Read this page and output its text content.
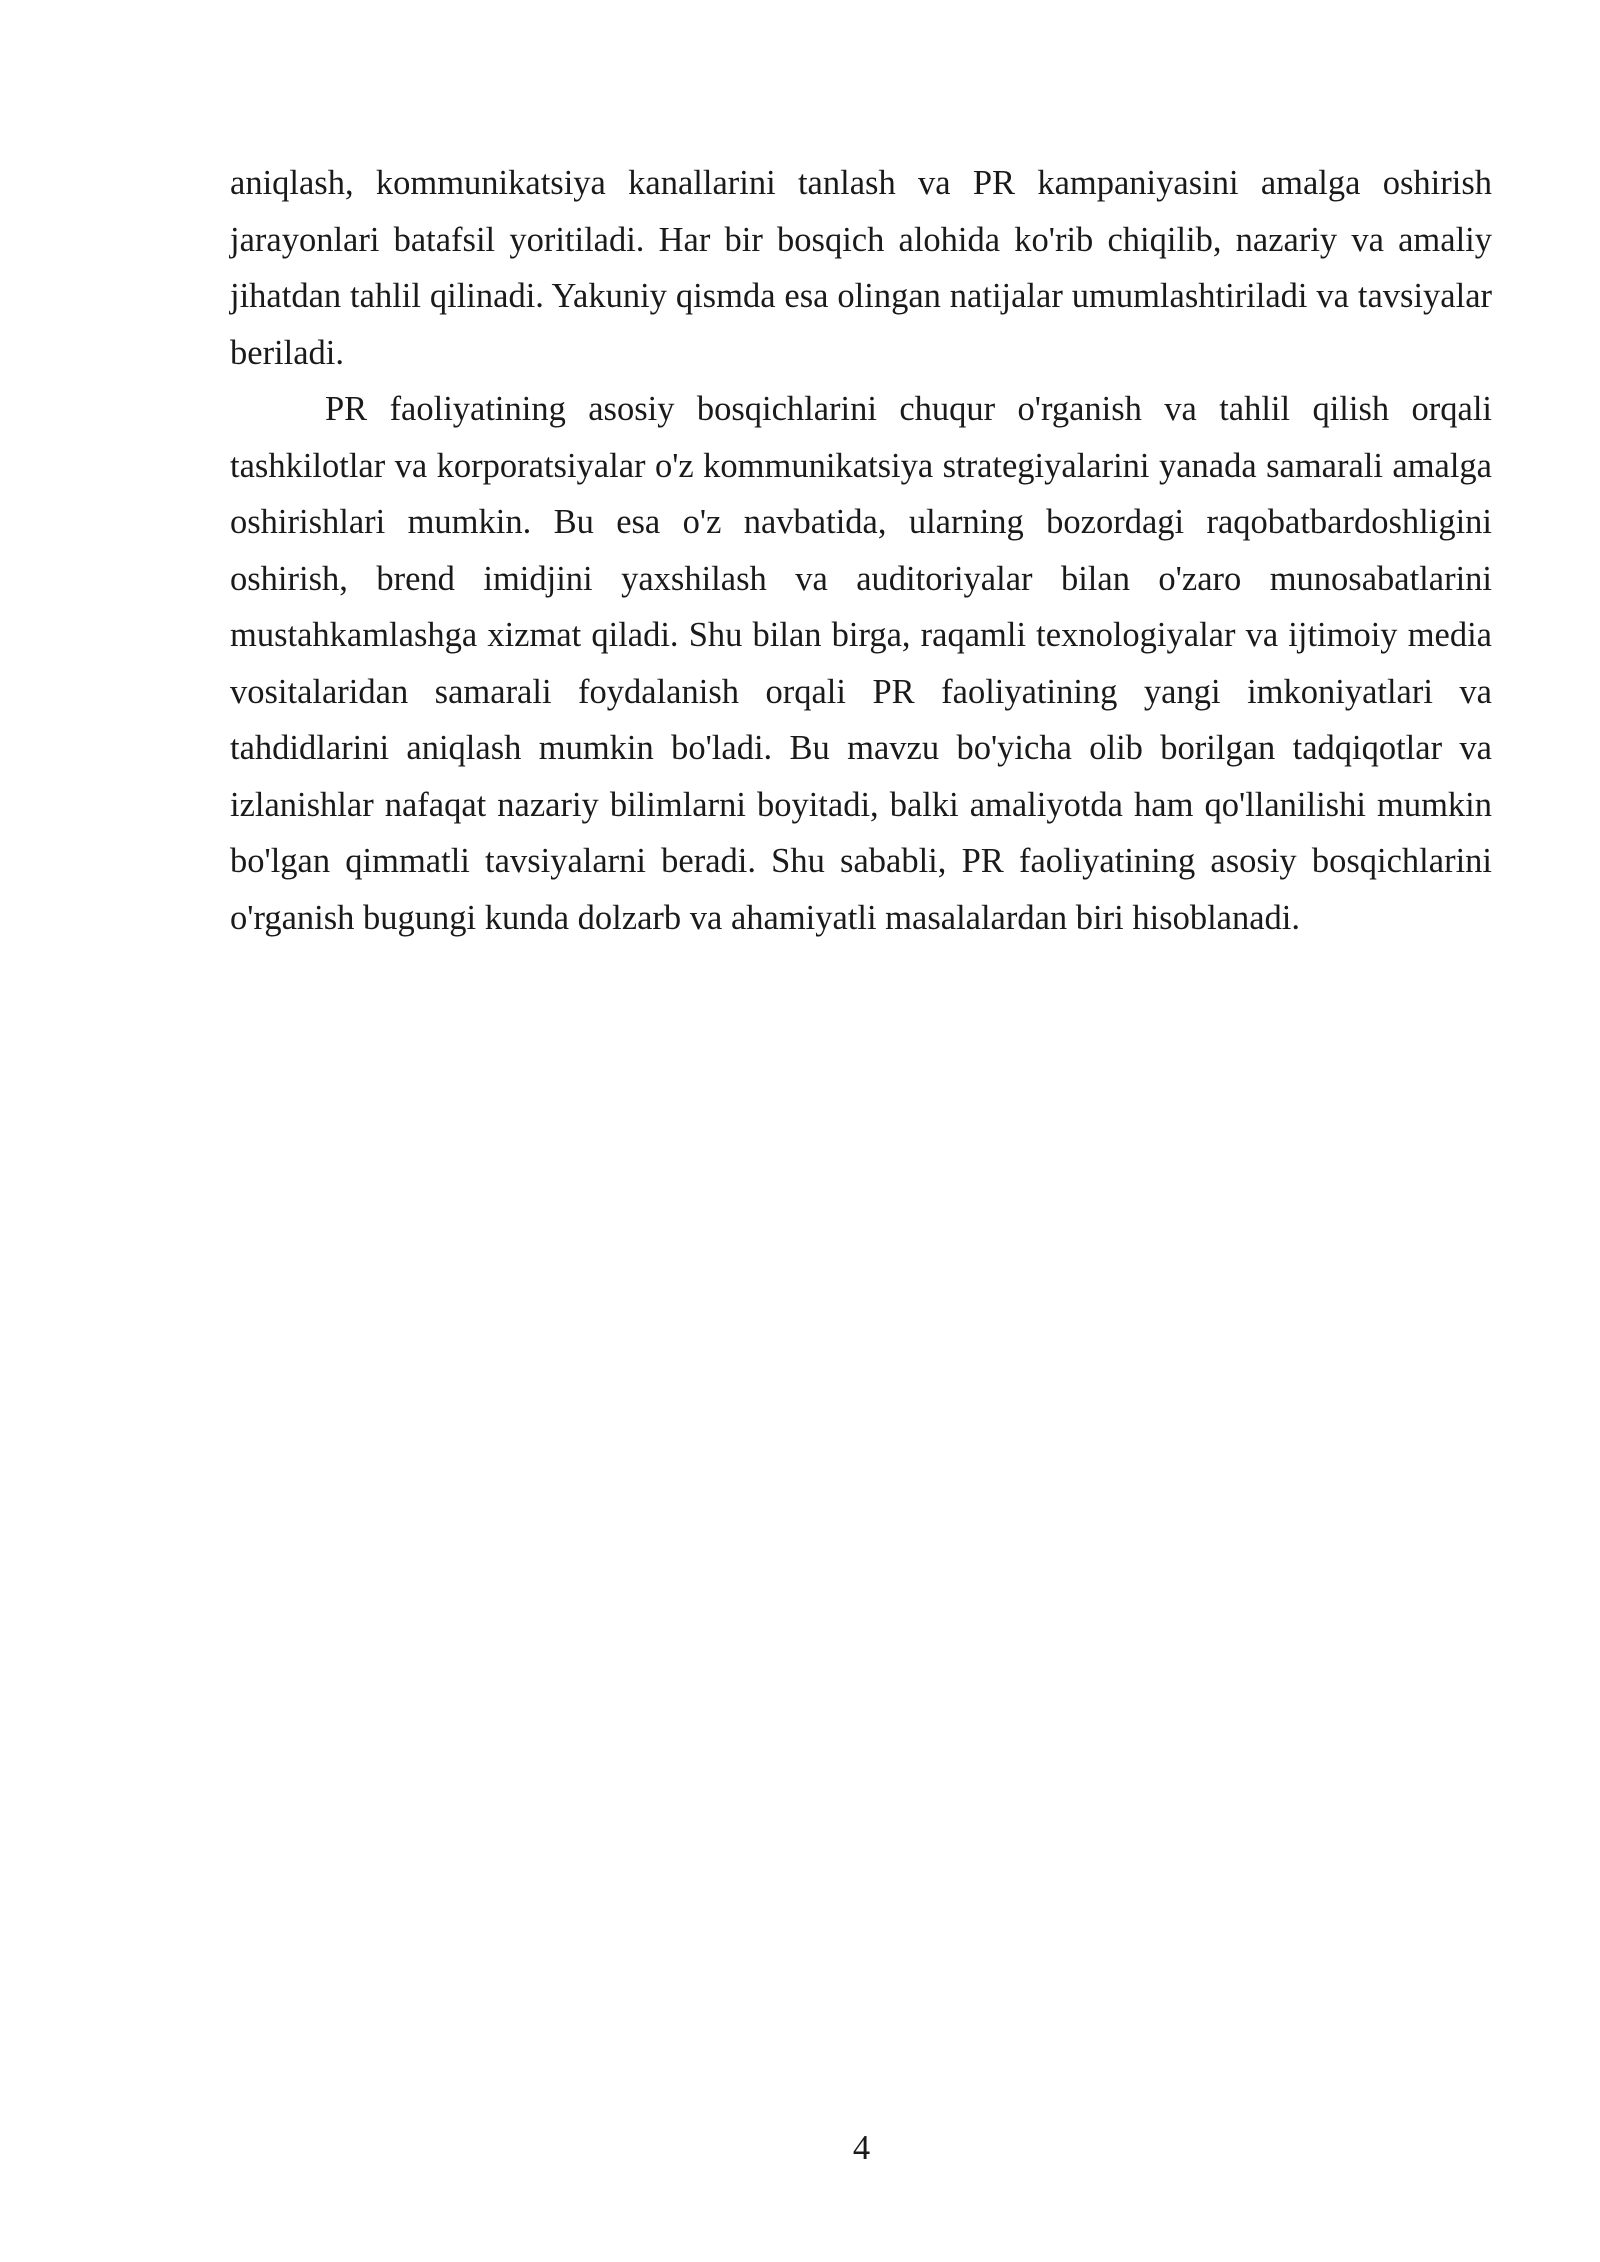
aniqlash, kommunikatsiya kanallarini tanlash va PR kampaniyasini amalga oshirish jarayonlari batafsil yoritiladi. Har bir bosqich alohida ko'rib chiqilib, nazariy va amaliy jihatdan tahlil qilinadi. Yakuniy qismda esa olingan natijalar umumlashtiriladi va tavsiyalar beriladi.

PR faoliyatining asosiy bosqichlarini chuqur o'rganish va tahlil qilish orqali tashkilotlar va korporatsiyalar o'z kommunikatsiya strategiyalarini yanada samarali amalga oshirishlari mumkin. Bu esa o'z navbatida, ularning bozordagi raqobatbardoshligini oshirish, brend imidjini yaxshilash va auditoriyalar bilan o'zaro munosabatlarini mustahkamlashga xizmat qiladi. Shu bilan birga, raqamli texnologiyalar va ijtimoiy media vositalaridan samarali foydalanish orqali PR faoliyatining yangi imkoniyatlari va tahdidlarini aniqlash mumkin bo'ladi. Bu mavzu bo'yicha olib borilgan tadqiqotlar va izlanishlar nafaqat nazariy bilimlarni boyitadi, balki amaliyotda ham qo'llanilishi mumkin bo'lgan qimmatli tavsiyalarni beradi. Shu sababli, PR faoliyatining asosiy bosqichlarini o'rganish bugungi kunda dolzarb va ahamiyatli masalalardan biri hisoblanadi.

4
